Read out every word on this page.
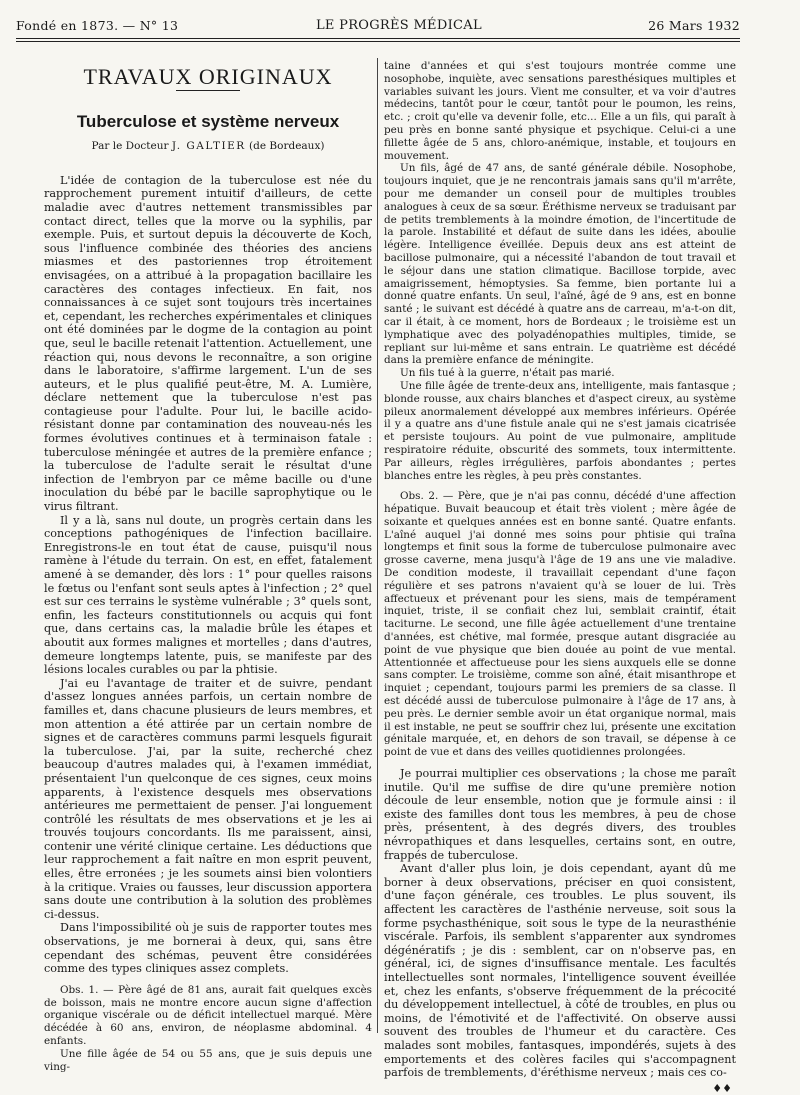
Fondé en 1873. — N° 13	LE PROGRÈS MÉDICAL	26 Mars 1932
TRAVAUX ORIGINAUX
Tuberculose et système nerveux
Par le Docteur J. GALTIER (de Bordeaux)

L'idée de contagion de la tuberculose est née du rapprochement purement intuitif d'ailleurs, de cette maladie avec d'autres nettement transmissibles par contact direct, telles que la morve ou la syphilis, par exemple. Puis, et surtout depuis la découverte de Koch, sous l'influence combinée des théories des anciens miasmes et des pastoriennes trop étroitement envisagées, on a attribué à la propagation bacillaire les caractères des contages infectieux. En fait, nos connaissances à ce sujet sont toujours très incertaines et, cependant, les recherches expérimentales et cliniques ont été dominées par le dogme de la contagion au point que, seul le bacille retenait l'attention. Actuellement, une réaction qui, nous devons le reconnaître, a son origine dans le laboratoire, s'affirme largement. L'un de ses auteurs, et le plus qualifié peut-être, M. A. Lumière, déclare nettement que la tuberculose n'est pas contagieuse pour l'adulte. Pour lui, le bacille acido-résistant donne par contamination des nouveau-nés les formes évolutives continues et à terminaison fatale : tuberculose méningée et autres de la première enfance ; la tuberculose de l'adulte serait le résultat d'une infection de l'embryon par ce même bacille ou d'une inoculation du bébé par le bacille saprophytique ou le virus filtrant.

Il y a là, sans nul doute, un progrès certain dans les conceptions pathogéniques de l'infection bacillaire. Enregistrons-le en tout état de cause, puisqu'il nous ramène à l'étude du terrain. On est, en effet, fatalement amené à se demander, dès lors : 1° pour quelles raisons le fœtus ou l'enfant sont seuls aptes à l'infection ; 2° quel est sur ces terrains le système vulnérable ; 3° quels sont, enfin, les facteurs constitutionnels ou acquis qui font que, dans certains cas, la maladie brûle les étapes et aboutit aux formes malignes et mortelles ; dans d'autres, demeure longtemps latente, puis, se manifeste par des lésions locales curables ou par la phtisie.

J'ai eu l'avantage de traiter et de suivre, pendant d'assez longues années parfois, un certain nombre de familles et, dans chacune plusieurs de leurs membres, et mon attention a été attirée par un certain nombre de signes et de caractères communs parmi lesquels figurait la tuberculose. J'ai, par la suite, recherché chez beaucoup d'autres malades qui, à l'examen immédiat, présentaient l'un quelconque de ces signes, ceux moins apparents, à l'existence desquels mes observations antérieures me permettaient de penser. J'ai longuement contrôlé les résultats de mes observations et je les ai trouvés toujours concordants. Ils me paraissent, ainsi, contenir une vérité clinique certaine. Les déductions que leur rapprochement a fait naître en mon esprit peuvent, elles, être erronées ; je les soumets ainsi bien volontiers à la critique. Vraies ou fausses, leur discussion apportera sans doute une contribution à la solution des problèmes ci-dessus.

Dans l'impossibilité où je suis de rapporter toutes mes observations, je me bornerai à deux, qui, sans être cependant des schémas, peuvent être considérées comme des types cliniques assez complets.

Obs. 1. — Père âgé de 81 ans, aurait fait quelques excès de boisson, mais ne montre encore aucun signe d'affection organique viscérale ou de déficit intellectuel marqué. Mère décédée à 60 ans, environ, de néoplasme abdominal. 4 enfants.

Une fille âgée de 54 ou 55 ans, que je suis depuis une ving-

taine d'années et qui s'est toujours montrée comme une nosophobe, inquiète, avec sensations paresthésiques multiples et variables suivant les jours. Vient me consulter, et va voir d'autres médecins, tantôt pour le cœur, tantôt pour le poumon, les reins, etc. ; croit qu'elle va devenir folle, etc... Elle a un fils, qui paraît à peu près en bonne santé physique et psychique. Celui-ci a une fillette âgée de 5 ans, chloro-anémique, instable, et toujours en mouvement.

Un fils, âgé de 47 ans, de santé générale débile. Nosophobe, toujours inquiet, que je ne rencontrais jamais sans qu'il m'arrête, pour me demander un conseil pour de multiples troubles analogues à ceux de sa sœur. Éréthisme nerveux se traduisant par de petits tremblements à la moindre émotion, de l'incertitude de la parole. Instabilité et défaut de suite dans les idées, aboulie légère. Intelligence éveillée. Depuis deux ans est atteint de bacillose pulmonaire, qui a nécessité l'abandon de tout travail et le séjour dans une station climatique. Bacillose torpide, avec amaigrissement, hémoptysies. Sa femme, bien portante lui a donné quatre enfants. Un seul, l'aîné, âgé de 9 ans, est en bonne santé ; le suivant est décédé à quatre ans de carreau, m'a-t-on dit, car il était, à ce moment, hors de Bordeaux ; le troisième est un lymphatique avec des polyadénopathies multiples, timide, se repliant sur lui-même et sans entrain. Le quatrième est décédé dans la première enfance de méningite.

Un fils tué à la guerre, n'était pas marié.

Une fille âgée de trente-deux ans, intelligente, mais fantasque ; blonde rousse, aux chairs blanches et d'aspect cireux, au système pileux anormalement développé aux membres inférieurs. Opérée il y a quatre ans d'une fistule anale qui ne s'est jamais cicatrisée et persiste toujours. Au point de vue pulmonaire, amplitude respiratoire réduite, obscurité des sommets, toux intermittente. Par ailleurs, règles irrégulières, parfois abondantes ; pertes blanches entre les règles, à peu près constantes.

Obs. 2. — Père, que je n'ai pas connu, décédé d'une affection hépatique. Buvait beaucoup et était très violent ; mère âgée de soixante et quelques années est en bonne santé. Quatre enfants. L'aîné auquel j'ai donné mes soins pour phtisie qui traîna longtemps et finit sous la forme de tuberculose pulmonaire avec grosse caverne, mena jusqu'à l'âge de 19 ans une vie maladive. De condition modeste, il travaillait cependant d'une façon régulière et ses patrons n'avaient qu'à se louer de lui. Très affectueux et prévenant pour les siens, mais de tempérament inquiet, triste, il se confiait chez lui, semblait craintif, était taciturne. Le second, une fille âgée actuellement d'une trentaine d'années, est chétive, mal formée, presque autant disgraciée au point de vue physique que bien douée au point de vue mental. Attentionnée et affectueuse pour les siens auxquels elle se donne sans compter. Le troisième, comme son aîné, était misanthrope et inquiet ; cependant, toujours parmi les premiers de sa classe. Il est décédé aussi de tuberculose pulmonaire à l'âge de 17 ans, à peu près. Le dernier semble avoir un état organique normal, mais il est instable, ne peut se souffrir chez lui, présente une excitation génitale marquée, et, en dehors de son travail, se dépense à ce point de vue et dans des veilles quotidiennes prolongées.

Je pourrai multiplier ces observations ; la chose me paraît inutile. Qu'il me suffise de dire qu'une première notion découle de leur ensemble, notion que je formule ainsi : il existe des familles dont tous les membres, à peu de chose près, présentent, à des degrés divers, des troubles névropathiques et dans lesquelles, certains sont, en outre, frappés de tuberculose.

Avant d'aller plus loin, je dois cependant, ayant dû me borner à deux observations, préciser en quoi consistent, d'une façon générale, ces troubles. Le plus souvent, ils affectent les caractères de l'asthénie nerveuse, soit sous la forme psychasthénique, soit sous le type de la neurasthénie viscérale. Parfois, ils semblent s'apparenter aux syndromes dégénératifs ; je dis : semblent, car on n'observe pas, en général, ici, de signes d'insuffisance mentale. Les facultés intellectuelles sont normales, l'intelligence souvent éveillée et, chez les enfants, s'observe fréquemment de la précocité du développement intellectuel, à côté de troubles, en plus ou moins, de l'émotivité et de l'affectivité. On observe aussi souvent des troubles de l'humeur et du caractère. Ces malades sont mobiles, fantasques, impondérés, sujets à des emportements et des colères faciles qui s'accompagnent parfois de tremblements, d'éréthisme nerveux ; mais ces co-

♦♦
